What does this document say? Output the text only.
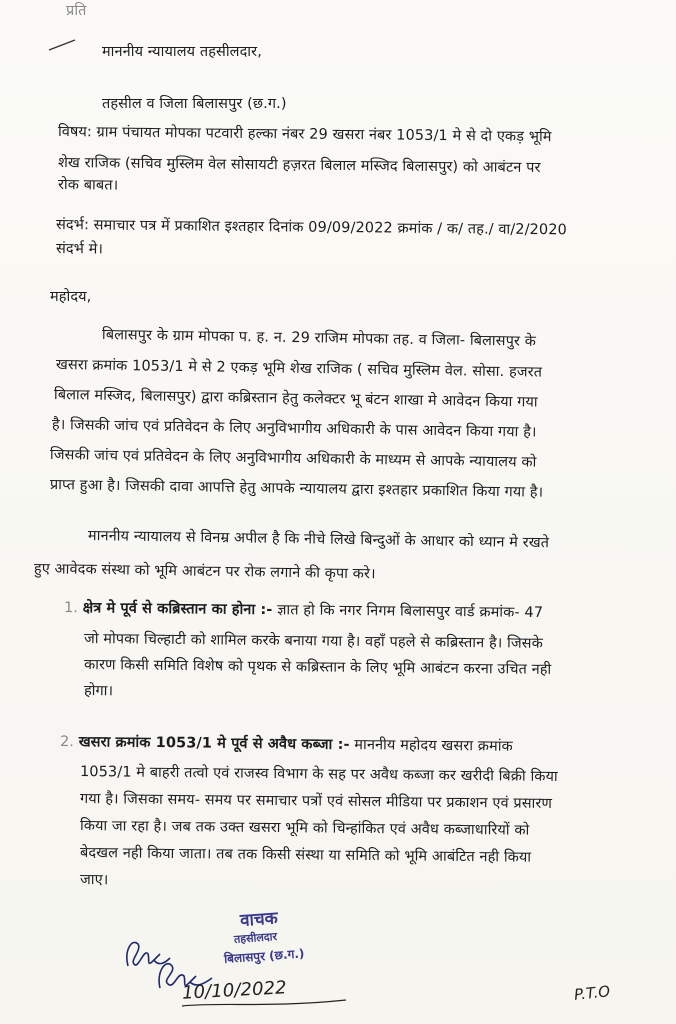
प्रति
माननीय न्यायालय तहसीलदार,
तहसील व जिला बिलासपुर (छ.ग.)
विषय: ग्राम पंचायत मोपका पटवारी हल्का नंबर 29 खसरा नंबर 1053/1 मे से दो एकड़ भूमि
शेख राजिक (सचिव मुस्लिम वेल सोसायटी हज़रत बिलाल मस्जिद बिलासपुर) को आबंटन पर
रोक बाबत।
संदर्भ: समाचार पत्र में प्रकाशित इश्तहार दिनांक 09/09/2022 क्रमांक / क/ तह./ वा/2/2020
संदर्भ मे।
महोदय,
बिलासपुर के ग्राम मोपका प. ह. न. 29 राजिम मोपका तह. व जिला- बिलासपुर के
खसरा क्रमांक 1053/1 मे से 2 एकड़ भूमि शेख राजिक ( सचिव मुस्लिम वेल. सोसा. हजरत
बिलाल मस्जिद, बिलासपुर) द्वारा कब्रिस्तान हेतु कलेक्टर भू बंटन शाखा मे आवेदन किया गया
है। जिसकी जांच एवं प्रतिवेदन के लिए अनुविभागीय अधिकारी के पास आवेदन किया गया है।
जिसकी जांच एवं प्रतिवेदन के लिए अनुविभागीय अधिकारी के माध्यम से आपके न्यायालय को
प्राप्त हुआ है। जिसकी दावा आपत्ति हेतु आपके न्यायालय द्वारा इश्तहार प्रकाशित किया गया है।
माननीय न्यायालय से विनम्र अपील है कि नीचे लिखे बिन्दुओं के आधार को ध्यान मे रखते
हुए आवेदक संस्था को भूमि आबंटन पर रोक लगाने की कृपा करे।
1. क्षेत्र मे पूर्व से कब्रिस्तान का होना :- ज्ञात हो कि नगर निगम बिलासपुर वार्ड क्रमांक- 47
जो मोपका चिल्हाटी को शामिल करके बनाया गया है। वहाँ पहले से कब्रिस्तान है। जिसके
कारण किसी समिति विशेष को पृथक से कब्रिस्तान के लिए भूमि आबंटन करना उचित नही
होगा।
2. खसरा क्रमांक 1053/1 मे पूर्व से अवैध कब्जा :- माननीय महोदय खसरा क्रमांक
1053/1 मे बाहरी तत्वो एवं राजस्व विभाग के सह पर अवैध कब्जा कर खरीदी बिक्री किया
गया है। जिसका समय- समय पर समाचार पत्रों एवं सोसल मीडिया पर प्रकाशन एवं प्रसारण
किया जा रहा है। जब तक उक्त खसरा भूमि को चिन्हांकित एवं अवैध कब्जाधारियों को
बेदखल नही किया जाता। तब तक किसी संस्था या समिति को भूमि आबंटित नही किया
जाए।
वाचक
तहसीलदार
बिलासपुर (छ.ग.)
10/10/2022	P.T.O
